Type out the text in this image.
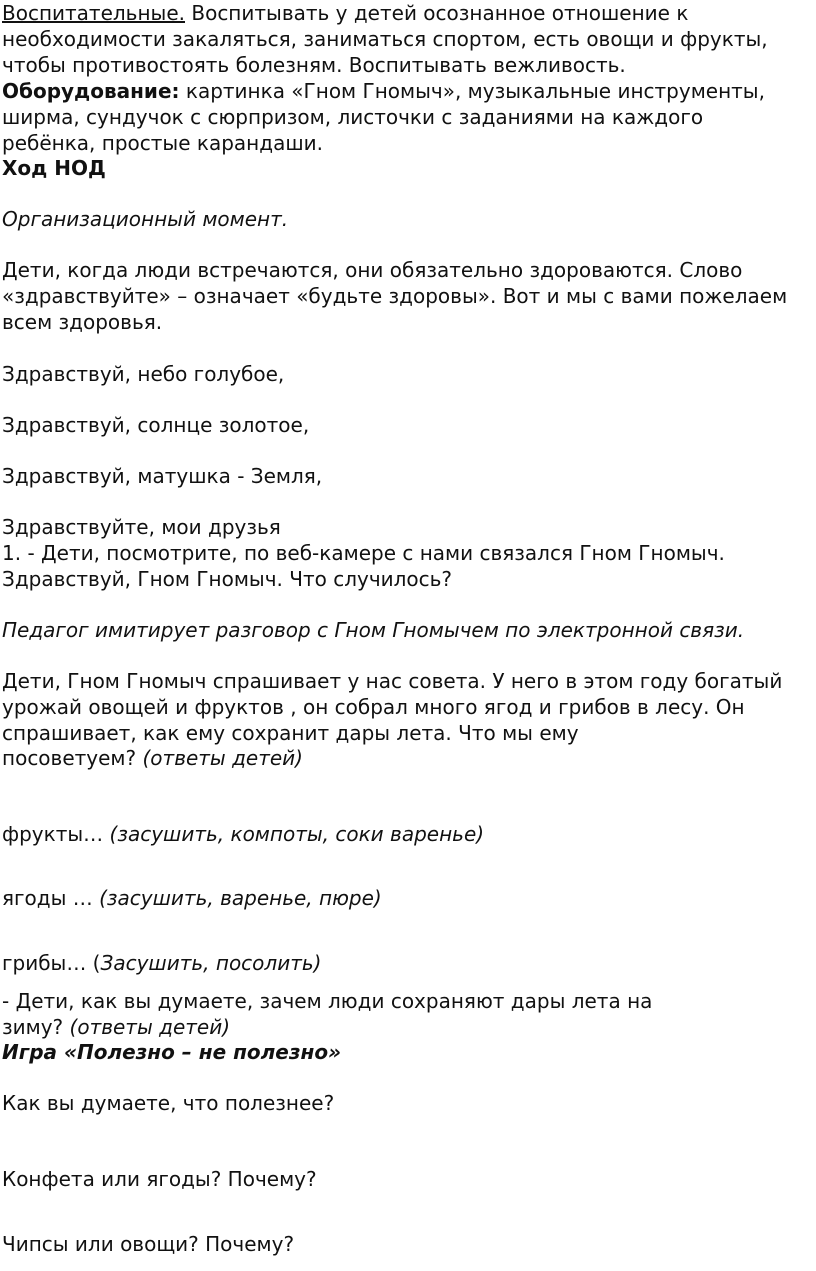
Воспитательные. Воспитывать у детей осознанное отношение к
необходимости закаляться, заниматься спортом, есть овощи и фрукты,
чтобы противостоять болезням. Воспитывать вежливость.
Оборудование: картинка «Гном Гномыч», музыкальные инструменты,
ширма, сундучок с сюрпризом, листочки с заданиями на каждого
ребёнка, простые карандаши.
Ход НОД
Организационный момент.
Дети, когда люди встречаются, они обязательно здороваются. Слово
«здравствуйте» – означает «будьте здоровы». Вот и мы с вами пожелаем
всем здоровья.
Здравствуй, небо голубое,
Здравствуй, солнце золотое,
Здравствуй, матушка - Земля,
Здравствуйте, мои друзья
1. - Дети, посмотрите, по веб-камере с нами связался Гном Гномыч.
Здравствуй, Гном Гномыч. Что случилось?
Педагог имитирует разговор с Гном Гномычем по электронной связи.
Дети, Гном Гномыч спрашивает у нас совета. У него в этом году богатый
урожай овощей и фруктов , он собрал много ягод и грибов в лесу. Он
спрашивает, как ему сохранит дары лета. Что мы ему
посоветуем? (ответы детей)
фрукты… (засушить, компоты, соки варенье)
ягоды … (засушить, варенье, пюре)
грибы… (Засушить, посолить)
- Дети, как вы думаете, зачем люди сохраняют дары лета на
зиму? (ответы детей)
Игра «Полезно – не полезно»
Как вы думаете, что полезнее?
Конфета или ягоды? Почему?
Чипсы или овощи? Почему?
